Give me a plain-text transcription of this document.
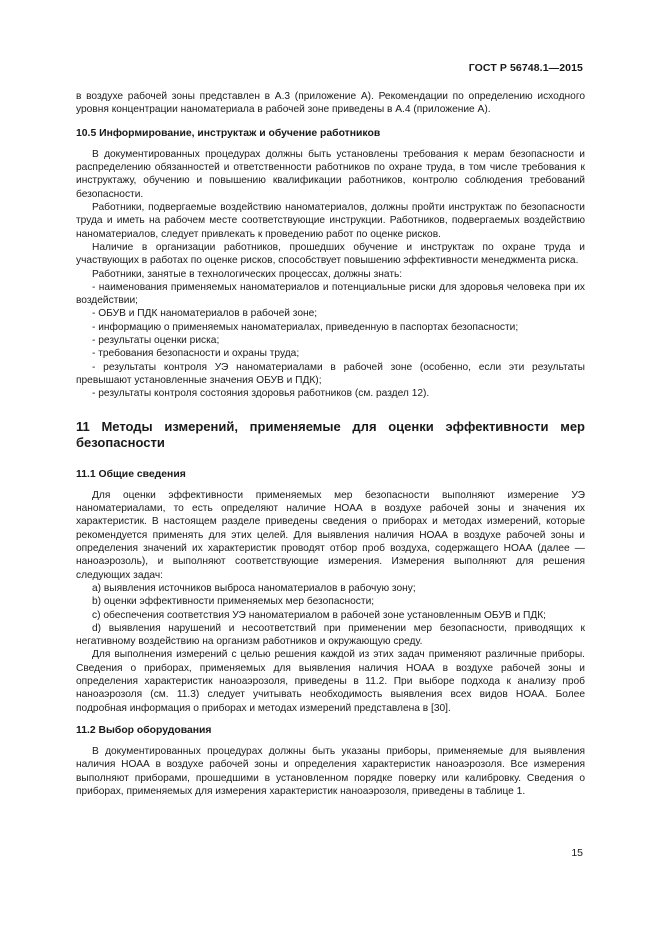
ГОСТ Р 56748.1—2015

в воздухе рабочей зоны представлен в А.3 (приложение А). Рекомендации по определению исходного уровня концентрации наноматериала в рабочей зоне приведены в А.4 (приложение А).

10.5 Информирование, инструктаж и обучение работников

В документированных процедурах должны быть установлены требования к мерам безопасности и распределению обязанностей и ответственности работников по охране труда, в том числе требования к инструктажу, обучению и повышению квалификации работников, контролю соблюдения требований безопасности.

Работники, подвергаемые воздействию наноматериалов, должны пройти инструктаж по безопасности труда и иметь на рабочем месте соответствующие инструкции. Работников, подвергаемых воздействию наноматериалов, следует привлекать к проведению работ по оценке рисков.

Наличие в организации работников, прошедших обучение и инструктаж по охране труда и участвующих в работах по оценке рисков, способствует повышению эффективности менеджмента риска.

Работники, занятые в технологических процессах, должны знать:

- наименования применяемых наноматериалов и потенциальные риски для здоровья человека при их воздействии;

- ОБУВ и ПДК наноматериалов в рабочей зоне;

- информацию о применяемых наноматериалах, приведенную в паспортах безопасности;

- результаты оценки риска;

- требования безопасности и охраны труда;

- результаты контроля УЭ наноматериалами в рабочей зоне (особенно, если эти результаты превышают установленные значения ОБУВ и ПДК);

- результаты контроля состояния здоровья работников (см. раздел 12).

11 Методы измерений, применяемые для оценки эффективности мер безопасности
11.1 Общие сведения

Для оценки эффективности применяемых мер безопасности выполняют измерение УЭ наноматериалами, то есть определяют наличие НОАА в воздухе рабочей зоны и значения их характеристик. В настоящем разделе приведены сведения о приборах и методах измерений, которые рекомендуется применять для этих целей. Для выявления наличия НОАА в воздухе рабочей зоны и определения значений их характеристик проводят отбор проб воздуха, содержащего НОАА (далее — наноаэрозоль), и выполняют соответствующие измерения. Измерения выполняют для решения следующих задач:

a) выявления источников выброса наноматериалов в рабочую зону;

b) оценки эффективности применяемых мер безопасности;

c) обеспечения соответствия УЭ наноматериалом в рабочей зоне установленным ОБУВ и ПДК;

d) выявления нарушений и несоответствий при применении мер безопасности, приводящих к негативному воздействию на организм работников и окружающую среду.

Для выполнения измерений с целью решения каждой из этих задач применяют различные приборы. Сведения о приборах, применяемых для выявления наличия НОАА в воздухе рабочей зоны и определения характеристик наноаэрозоля, приведены в 11.2. При выборе подхода к анализу проб наноаэрозоля (см. 11.3) следует учитывать необходимость выявления всех видов НОАА. Более подробная информация о приборах и методах измерений представлена в [30].

11.2 Выбор оборудования

В документированных процедурах должны быть указаны приборы, применяемые для выявления наличия НОАА в воздухе рабочей зоны и определения характеристик наноаэрозоля. Все измерения выполняют приборами, прошедшими в установленном порядке поверку или калибровку. Сведения о приборах, применяемых для измерения характеристик наноаэрозоля, приведены в таблице 1.

15
